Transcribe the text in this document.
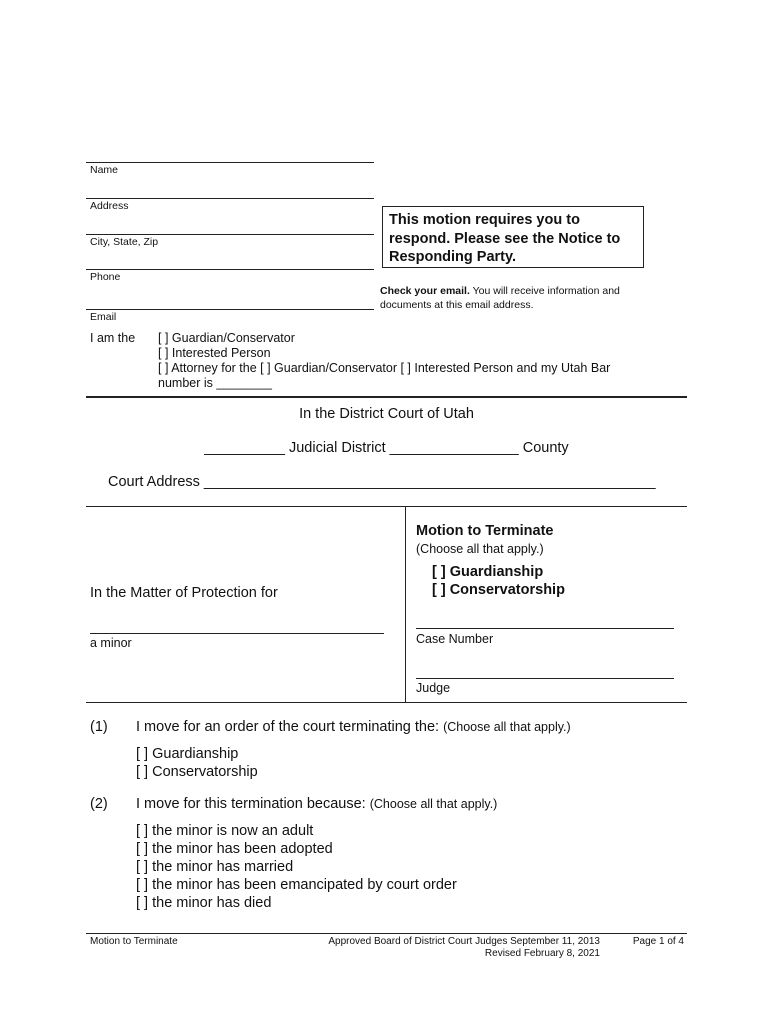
Name
Address
City, State, Zip
Phone
Email
This motion requires you to
respond. Please see the Notice to
Responding Party.
Check your email. You will receive information and
documents at this email address.
I am the [ ] Guardian/Conservator
[ ] Interested Person
[ ] Attorney for the [ ] Guardian/Conservator [ ] Interested Person and my Utah Bar
number is ________
In the District Court of Utah
__________ Judicial District ________________ County
Court Address ________________________________________________________
In the Matter of Protection for
a minor
Motion to Terminate
(Choose all that apply.)
[ ] Guardianship
[ ] Conservatorship
Case Number
Judge
(1) I move for an order of the court terminating the: (Choose all that apply.)
[ ] Guardianship
[ ] Conservatorship
(2) I move for this termination because: (Choose all that apply.)
[ ] the minor is now an adult
[ ] the minor has been adopted
[ ] the minor has married
[ ] the minor has been emancipated by court order
[ ] the minor has died
Motion to Terminate	Approved Board of District Court Judges September 11, 2013
Revised February 8, 2021
Page 1 of 4
